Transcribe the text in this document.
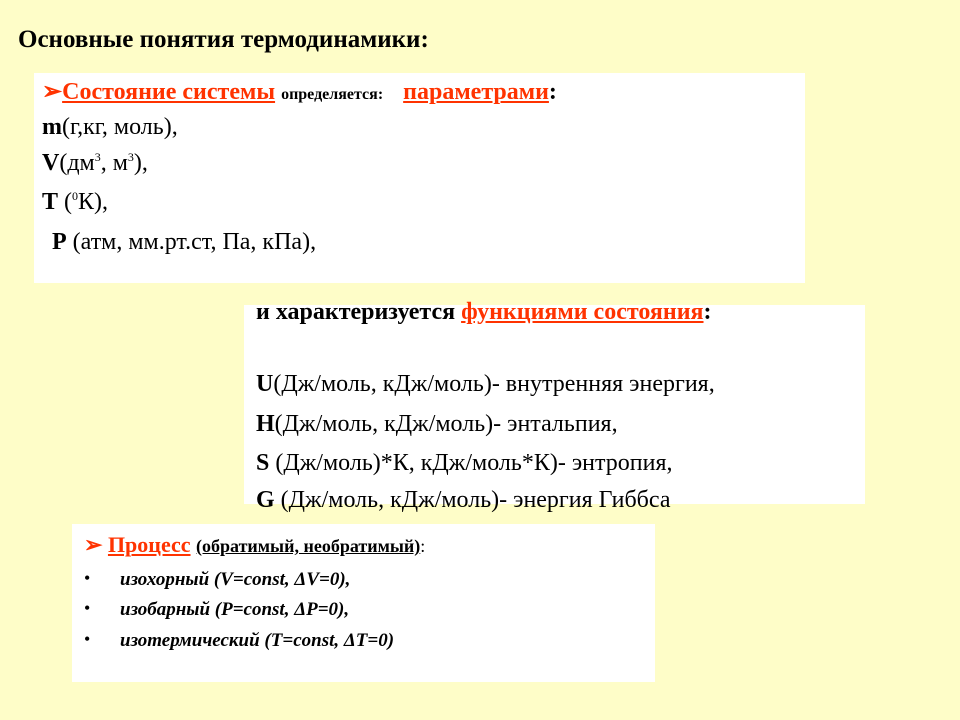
Основные понятия термодинамики:
➢Состояние системы определяется: параметрами:
m(г,кг, моль),
$V(дм^3$, $м^3$),
T ($^0$К),
P (атм, мм.рт.ст, Па, кПа),
и характеризуется функциями состояния:
U(Дж/моль, кДж/моль)- внутренняя энергия,
H(Дж/моль, кДж/моль)- энтальпия,
S (Дж/моль)*К, кДж/моль*К)- энтропия,
G (Дж/моль, кДж/моль)- энергия Гиббса
➢ Процесс (обратимый, необратимый):
• изохорный (V=const, ΔV=0),
• изобарный (P=const, ΔP=0),
• изотермический (T=const, ΔT=0)
